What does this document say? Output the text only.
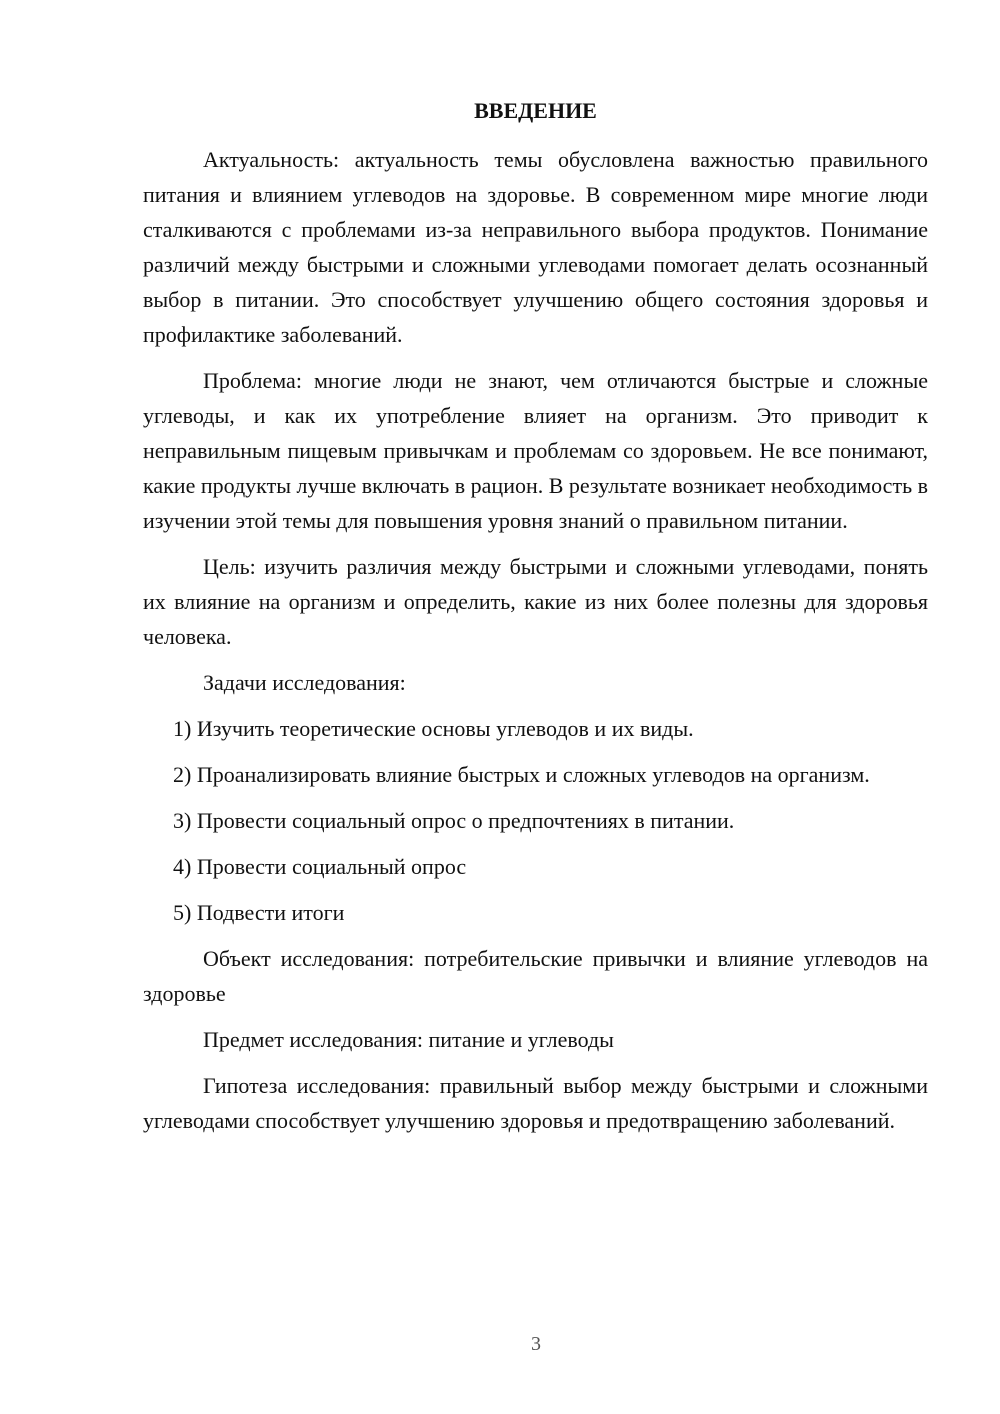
ВВЕДЕНИЕ

Актуальность: актуальность темы обусловлена важностью правильного питания и влиянием углеводов на здоровье. В современном мире многие люди сталкиваются с проблемами из-за неправильного выбора продуктов. Понимание различий между быстрыми и сложными углеводами помогает делать осознанный выбор в питании. Это способствует улучшению общего состояния здоровья и профилактике заболеваний.

Проблема: многие люди не знают, чем отличаются быстрые и сложные углеводы, и как их употребление влияет на организм. Это приводит к неправильным пищевым привычкам и проблемам со здоровьем. Не все понимают, какие продукты лучше включать в рацион. В результате возникает необходимость в изучении этой темы для повышения уровня знаний о правильном питании.

Цель: изучить различия между быстрыми и сложными углеводами, понять их влияние на организм и определить, какие из них более полезны для здоровья человека.

Задачи исследования:

1) Изучить теоретические основы углеводов и их виды.

2) Проанализировать влияние быстрых и сложных углеводов на организм.

3) Провести социальный опрос о предпочтениях в питании.

4) Провести социальный опрос

5) Подвести итоги

Объект исследования: потребительские привычки и влияние углеводов на здоровье

Предмет исследования: питание и углеводы

Гипотеза исследования: правильный выбор между быстрыми и сложными углеводами способствует улучшению здоровья и предотвращению заболеваний.

3
